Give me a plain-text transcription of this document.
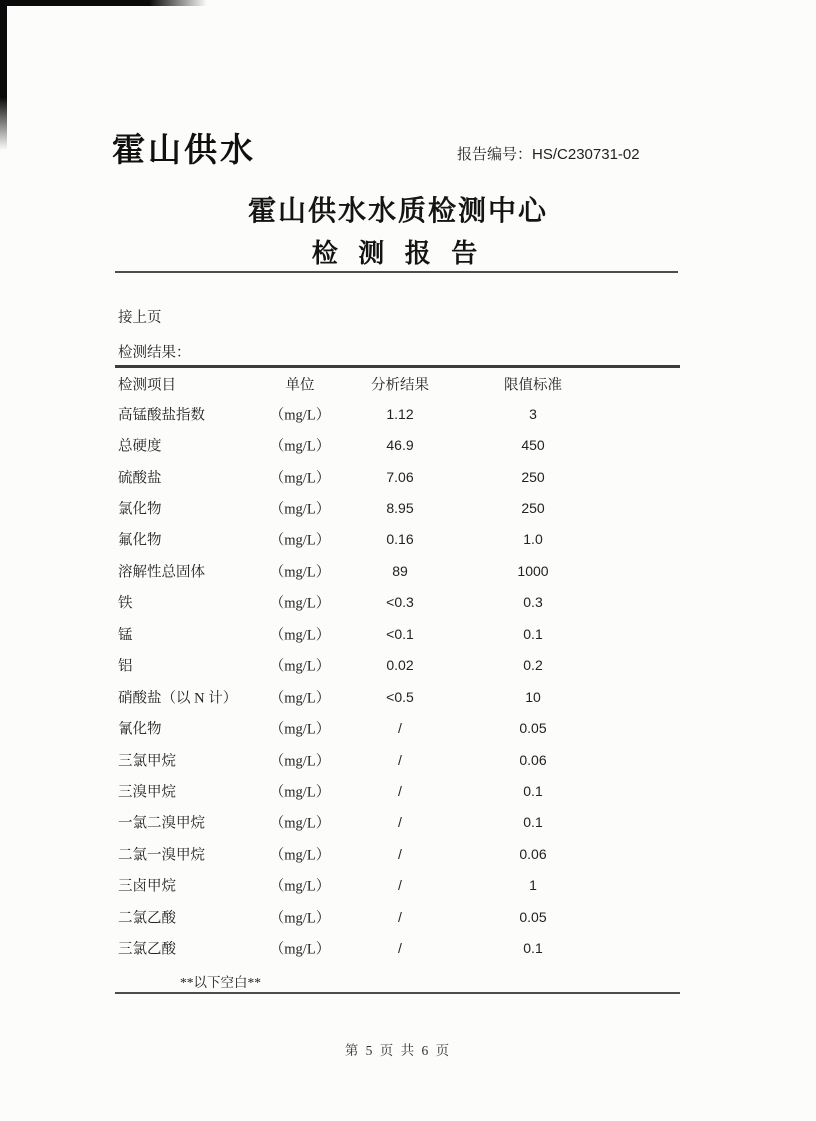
霍山供水	报告编号：HS/C230731-02
霍山供水水质检测中心
检 测 报 告
接上页
检测结果：
检测项目	单位	分析结果	限值标准
高锰酸盐指数	（mg/L）	1.12	3
总硬度	（mg/L）	46.9	450
硫酸盐	（mg/L）	7.06	250
氯化物	（mg/L）	8.95	250
氟化物	（mg/L）	0.16	1.0
溶解性总固体	（mg/L）	89	1000
铁	（mg/L）	<0.3	0.3
锰	（mg/L）	<0.1	0.1
铝	（mg/L）	0.02	0.2
硝酸盐（以 N 计）	（mg/L）	<0.5	10
氰化物	（mg/L）	/	0.05
三氯甲烷	（mg/L）	/	0.06
三溴甲烷	（mg/L）	/	0.1
一氯二溴甲烷	（mg/L）	/	0.1
二氯一溴甲烷	（mg/L）	/	0.06
三卤甲烷	（mg/L）	/	1
二氯乙酸	（mg/L）	/	0.05
三氯乙酸	（mg/L）	/	0.1
**以下空白**
第 5 页 共 6 页
